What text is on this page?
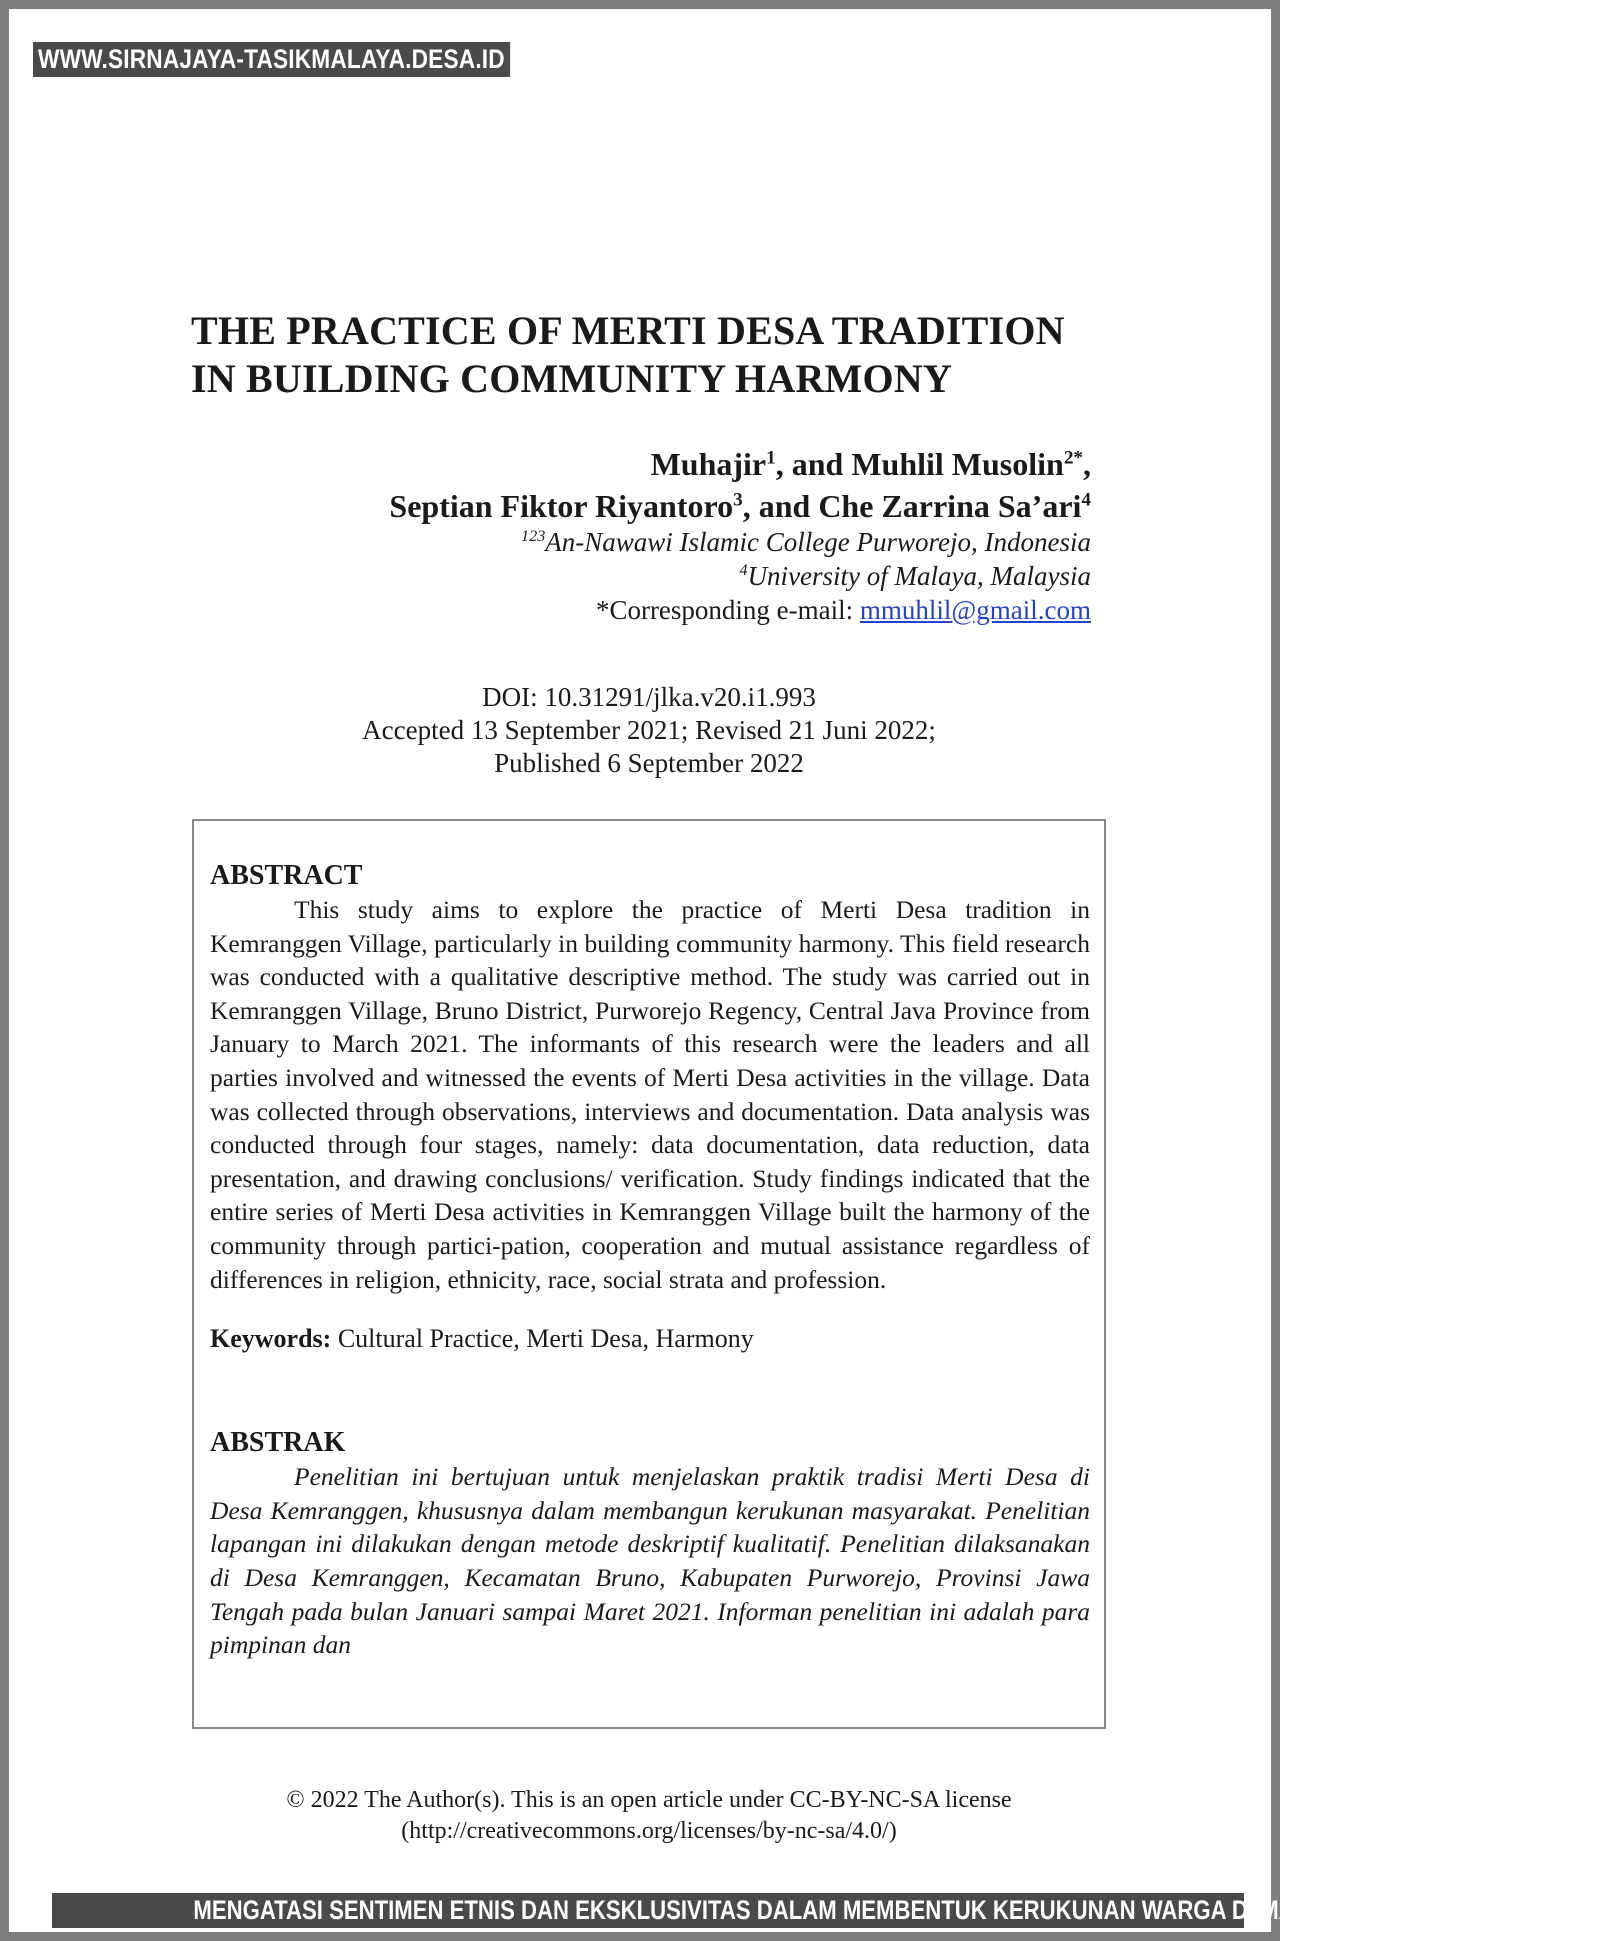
WWW.SIRNAJAYA-TASIKMALAYA.DESA.ID
THE PRACTICE OF MERTI DESA TRADITION
IN BUILDING COMMUNITY HARMONY
Muhajir$^1$, and Muhlil Musolin$^{2*}$,
Septian Fiktor Riyantoro$^3$, and Che Zarrina Sa’ari$^4$
$^{123}$An-Nawawi Islamic College Purworejo, Indonesia
$^4$University of Malaya, Malaysia
*Corresponding e-mail: mmuhlil@gmail.com
DOI: 10.31291/jlka.v20.i1.993
Accepted 13 September 2021; Revised 21 Juni 2022;
Published 6 September 2022
ABSTRACT

This study aims to explore the practice of Merti Desa tradition in Kemranggen Village, particularly in building community harmony. This field research was conducted with a qualitative descriptive method. The study was carried out in Kemranggen Village, Bruno District, Purworejo Regency, Central Java Province from January to March 2021. The informants of this research were the leaders and all parties involved and witnessed the events of Merti Desa activities in the village. Data was collected through observations, interviews and documentation. Data analysis was conducted through four stages, namely: data documentation, data reduction, data presentation, and drawing conclusions/ verification. Study findings indicated that the entire series of Merti Desa activities in Kemranggen Village built the harmony of the community through partici-pation, cooperation and mutual assistance regardless of differences in religion, ethnicity, race, social strata and profession.

Keywords: Cultural Practice, Merti Desa, Harmony
ABSTRAK

Penelitian ini bertujuan untuk menjelaskan praktik tradisi Merti Desa di Desa Kemranggen, khususnya dalam membangun kerukunan masyarakat. Penelitian lapangan ini dilakukan dengan metode deskriptif kualitatif. Penelitian dilaksanakan di Desa Kemranggen, Kecamatan Bruno, Kabupaten Purworejo, Provinsi Jawa Tengah pada bulan Januari sampai Maret 2021. Informan penelitian ini adalah para pimpinan dan

© 2022 The Author(s). This is an open article under CC-BY-NC-SA license
(http://creativecommons.org/licenses/by-nc-sa/4.0/)
MENGATASI SENTIMEN ETNIS DAN EKSKLUSIVITAS DALAM MEMBENTUK KERUKUNAN WARGA DI MASYARAKAT DESA
